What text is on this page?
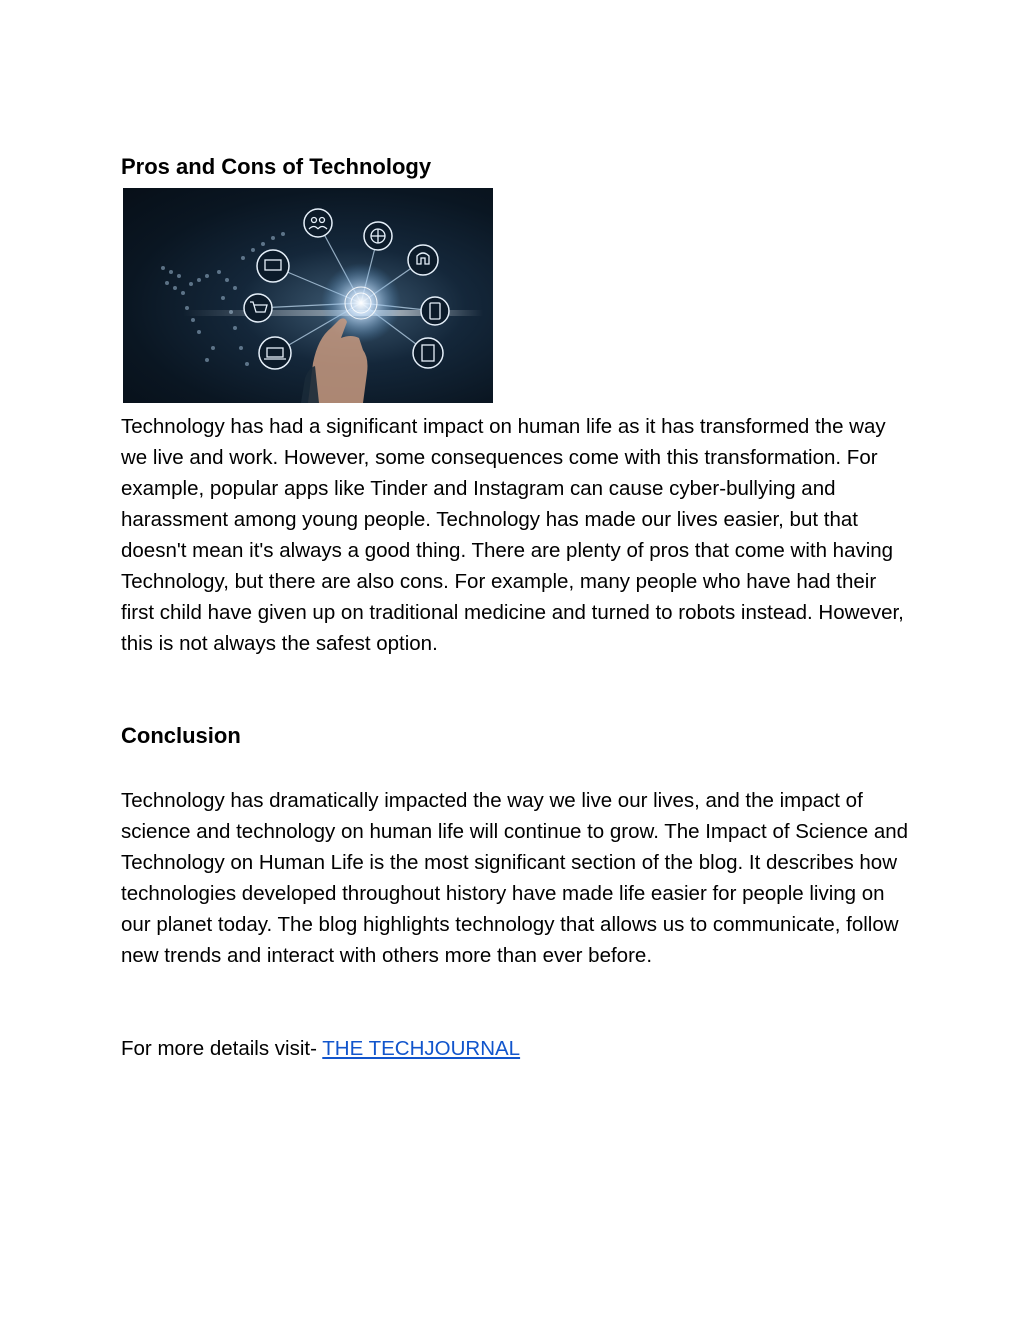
Pros and Cons of Technology

Technology has had a significant impact on human life as it has transformed the way we live and work. However, some consequences come with this transformation. For example, popular apps like Tinder and Instagram can cause cyber-bullying and harassment among young people. Technology has made our lives easier, but that doesn't mean it's always a good thing. There are plenty of pros that come with having Technology, but there are also cons. For example, many people who have had their first child have given up on traditional medicine and turned to robots instead. However, this is not always the safest option.

Conclusion

Technology has dramatically impacted the way we live our lives, and the impact of science and technology on human life will continue to grow. The Impact of Science and Technology on Human Life is the most significant section of the blog. It describes how technologies developed throughout history have made life easier for people living on our planet today. The blog highlights technology that allows us to communicate, follow new trends and interact with others more than ever before.

For more details visit- THE TECHJOURNAL
